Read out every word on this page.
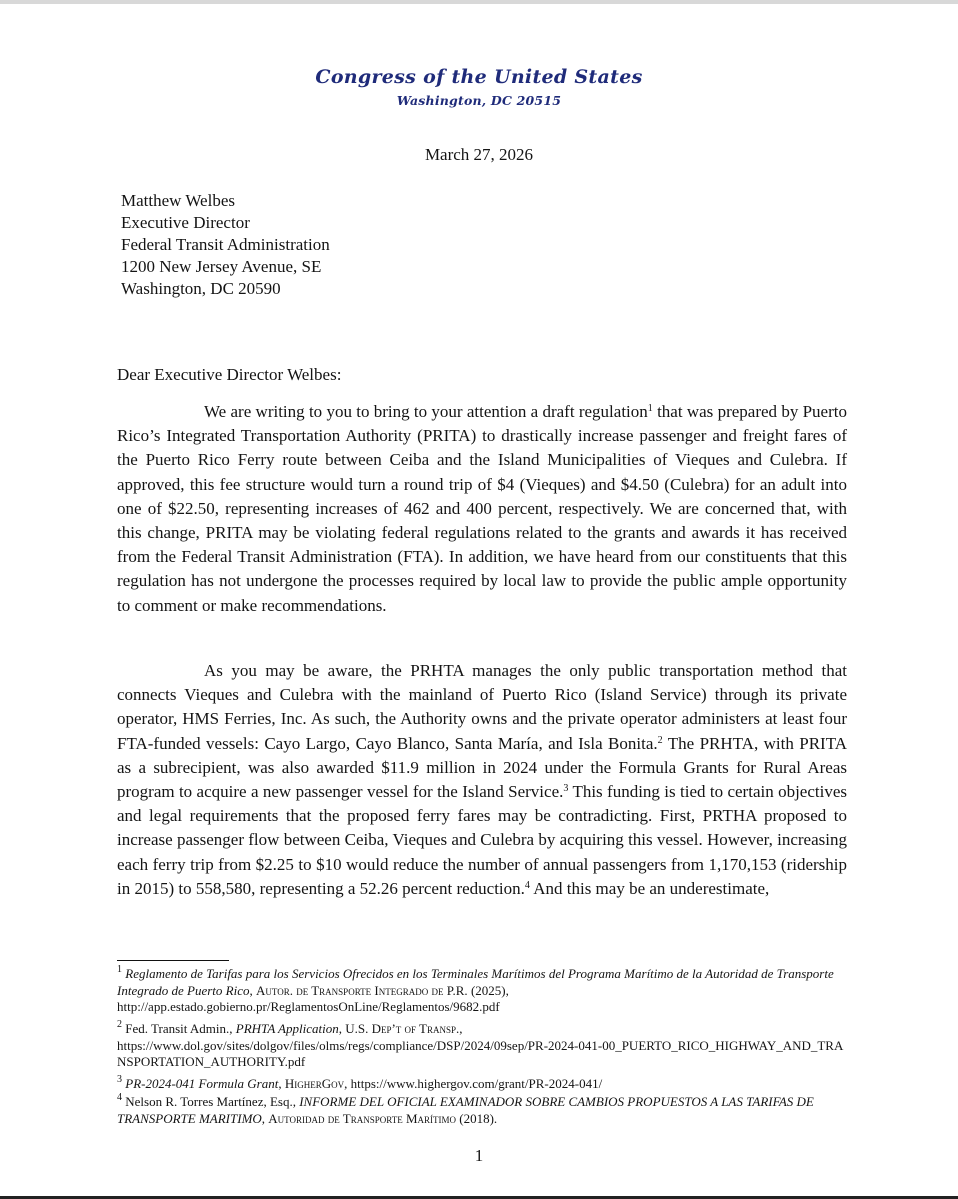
Congress of the United States
Washington, DC 20515
March 27, 2026
Matthew Welbes
Executive Director
Federal Transit Administration
1200 New Jersey Avenue, SE
Washington, DC 20590
Dear Executive Director Welbes:
We are writing to you to bring to your attention a draft regulation$^1$ that was prepared by Puerto Rico’s Integrated Transportation Authority (PRITA) to drastically increase passenger and freight fares of the Puerto Rico Ferry route between Ceiba and the Island Municipalities of Vieques and Culebra. If approved, this fee structure would turn a round trip of $4 (Vieques) and $4.50 (Culebra) for an adult into one of $22.50, representing increases of 462 and 400 percent, respectively. We are concerned that, with this change, PRITA may be violating federal regulations related to the grants and awards it has received from the Federal Transit Administration (FTA). In addition, we have heard from our constituents that this regulation has not undergone the processes required by local law to provide the public ample opportunity to comment or make recommendations.
As you may be aware, the PRHTA manages the only public transportation method that connects Vieques and Culebra with the mainland of Puerto Rico (Island Service) through its private operator, HMS Ferries, Inc. As such, the Authority owns and the private operator administers at least four FTA-funded vessels: Cayo Largo, Cayo Blanco, Santa María, and Isla Bonita.$^2$ The PRHTA, with PRITA as a subrecipient, was also awarded $11.9 million in 2024 under the Formula Grants for Rural Areas program to acquire a new passenger vessel for the Island Service.$^3$ This funding is tied to certain objectives and legal requirements that the proposed ferry fares may be contradicting. First, PRTHA proposed to increase passenger flow between Ceiba, Vieques and Culebra by acquiring this vessel. However, increasing each ferry trip from $2.25 to $10 would reduce the number of annual passengers from 1,170,153 (ridership in 2015) to 558,580, representing a 52.26 percent reduction.$^4$ And this may be an underestimate,
$^1$ Reglamento de Tarifas para los Servicios Ofrecidos en los Terminales Marítimos del Programa Marítimo de la Autoridad de Transporte Integrado de Puerto Rico, Autor. de Transporte Integrado de P.R. (2025), http://app.estado.gobierno.pr/ReglamentosOnLine/Reglamentos/9682.pdf
$^2$ Fed. Transit Admin., PRHTA Application, U.S. Dep’t of Transp.,
https://www.dol.gov/sites/dolgov/files/olms/regs/compliance/DSP/2024/09sep/PR-2024-041-00_PUERTO_RICO_HIGHWAY_AND_TRANSPORTATION_AUTHORITY.pdf
$^3$ PR-2024-041 Formula Grant, HigherGov, https://www.highergov.com/grant/PR-2024-041/
$^4$ Nelson R. Torres Martínez, Esq., INFORME DEL OFICIAL EXAMINADOR SOBRE CAMBIOS PROPUESTOS A LAS TARIFAS DE TRANSPORTE MARITIMO, Autoridad de Transporte Marítimo (2018).
1
